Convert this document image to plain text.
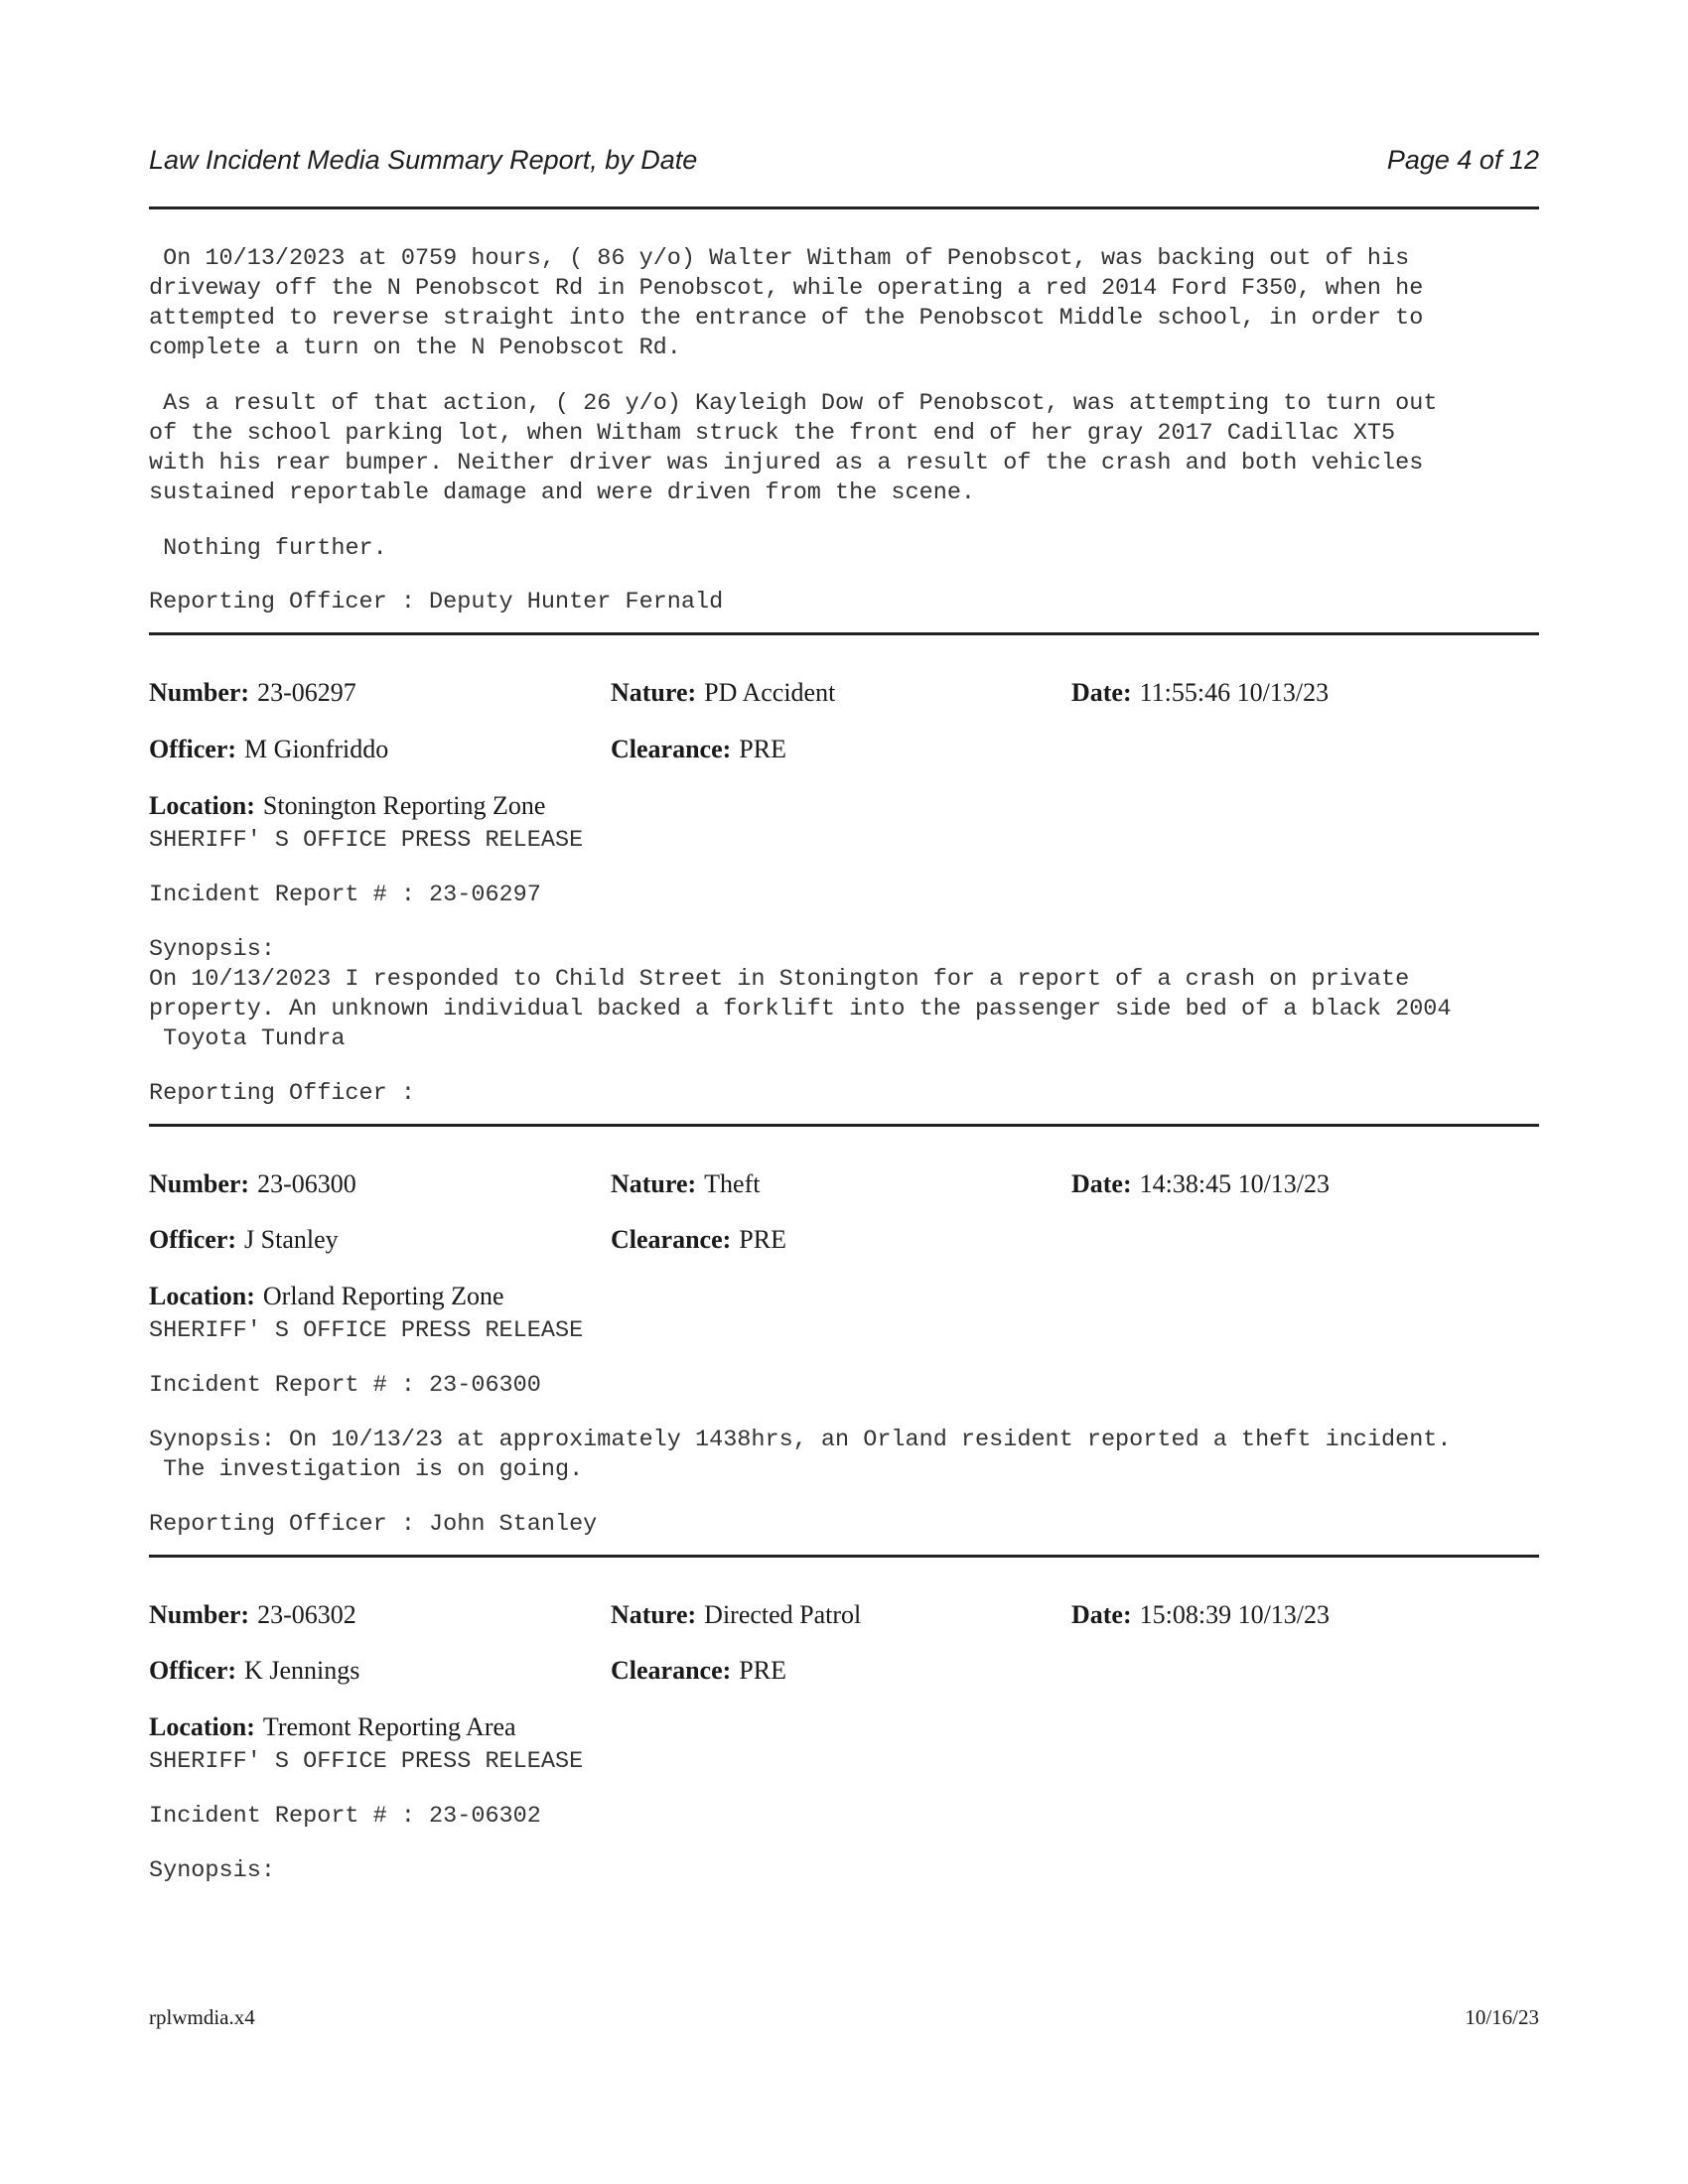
Law Incident Media Summary Report, by Date	Page 4 of 12

On 10/13/2023 at 0759 hours, ( 86 y/o) Walter Witham of Penobscot, was backing out of his
driveway off the N Penobscot Rd in Penobscot, while operating a red 2014 Ford F350, when he
attempted to reverse straight into the entrance of the Penobscot Middle school, in order to
complete a turn on the N Penobscot Rd.

As a result of that action, ( 26 y/o) Kayleigh Dow of Penobscot, was attempting to turn out
of the school parking lot, when Witham struck the front end of her gray 2017 Cadillac XT5
with his rear bumper. Neither driver was injured as a result of the crash and both vehicles
sustained reportable damage and were driven from the scene.

Nothing further.

Reporting Officer : Deputy Hunter Fernald

Number: 23-06297	Nature: PD Accident	Date: 11:55:46 10/13/23
Officer: M Gionfriddo	Clearance: PRE
Location: Stonington Reporting Zone

SHERIFF' S OFFICE PRESS RELEASE

Incident Report # : 23-06297

Synopsis:
On 10/13/2023 I responded to Child Street in Stonington for a report of a crash on private
property. An unknown individual backed a forklift into the passenger side bed of a black 2004
Toyota Tundra

Reporting Officer :

Number: 23-06300	Nature: Theft	Date: 14:38:45 10/13/23
Officer: J Stanley	Clearance: PRE
Location: Orland Reporting Zone

SHERIFF' S OFFICE PRESS RELEASE

Incident Report # : 23-06300

Synopsis: On 10/13/23 at approximately 1438hrs, an Orland resident reported a theft incident.
The investigation is on going.

Reporting Officer : John Stanley

Number: 23-06302	Nature: Directed Patrol	Date: 15:08:39 10/13/23
Officer: K Jennings	Clearance: PRE
Location: Tremont Reporting Area

SHERIFF' S OFFICE PRESS RELEASE

Incident Report # : 23-06302

Synopsis:

rplwmdia.x4	10/16/23
